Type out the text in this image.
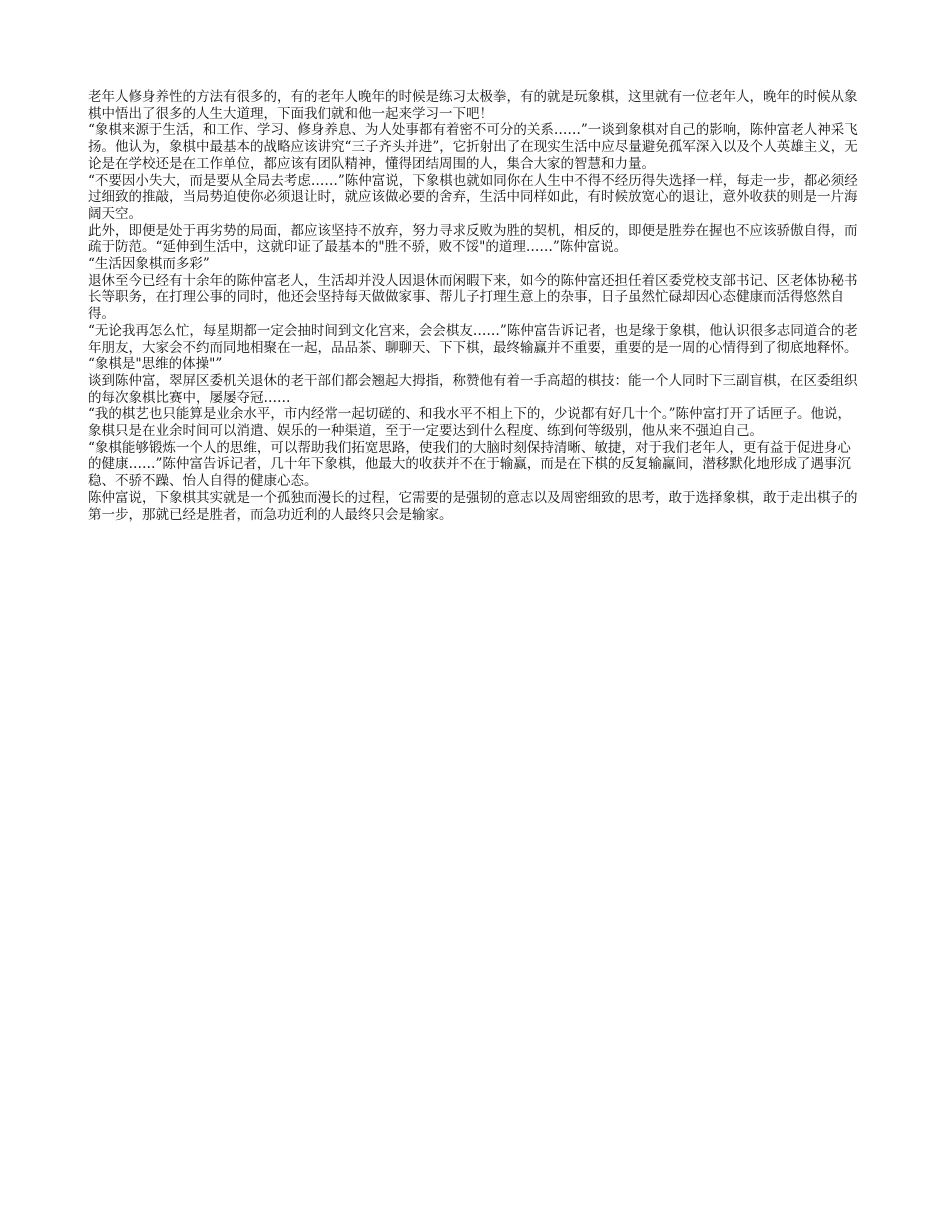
老年人修身养性的方法有很多的，有的老年人晚年的时候是练习太极拳，有的就是玩象棋，这里就有一位老年人，晚年的时候从象棋中悟出了很多的人生大道理，下面我们就和他一起来学习一下吧！

“象棋来源于生活，和工作、学习、修身养息、为人处事都有着密不可分的关系……”一谈到象棋对自己的影响，陈仲富老人神采飞扬。他认为，象棋中最基本的战略应该讲究“三子齐头并进”，它折射出了在现实生活中应尽量避免孤军深入以及个人英雄主义，无论是在学校还是在工作单位，都应该有团队精神，懂得团结周围的人，集合大家的智慧和力量。

“不要因小失大，而是要从全局去考虑……”陈仲富说，下象棋也就如同你在人生中不得不经历得失选择一样，每走一步，都必须经过细致的推敲，当局势迫使你必须退让时，就应该做必要的舍弃，生活中同样如此，有时候放宽心的退让，意外收获的则是一片海阔天空。

此外，即便是处于再劣势的局面，都应该坚持不放弃，努力寻求反败为胜的契机，相反的，即便是胜券在握也不应该骄傲自得，而疏于防范。“延伸到生活中，这就印证了最基本的"胜不骄，败不馁"的道理……”陈仲富说。

“生活因象棋而多彩”

退休至今已经有十余年的陈仲富老人，生活却并没人因退休而闲暇下来，如今的陈仲富还担任着区委党校支部书记、区老体协秘书长等职务，在打理公事的同时，他还会坚持每天做做家事、帮儿子打理生意上的杂事，日子虽然忙碌却因心态健康而活得悠然自得。

“无论我再怎么忙，每星期都一定会抽时间到文化宫来，会会棋友……”陈仲富告诉记者，也是缘于象棋，他认识很多志同道合的老年朋友，大家会不约而同地相聚在一起，品品茶、聊聊天、下下棋，最终输赢并不重要，重要的是一周的心情得到了彻底地释怀。

“象棋是"思维的体操"”

谈到陈仲富，翠屏区委机关退休的老干部们都会翘起大拇指，称赞他有着一手高超的棋技：能一个人同时下三副盲棋，在区委组织的每次象棋比赛中，屡屡夺冠……

“我的棋艺也只能算是业余水平，市内经常一起切磋的、和我水平不相上下的，少说都有好几十个。”陈仲富打开了话匣子。他说，象棋只是在业余时间可以消遣、娱乐的一种渠道，至于一定要达到什么程度、练到何等级别，他从来不强迫自己。

“象棋能够锻炼一个人的思维，可以帮助我们拓宽思路，使我们的大脑时刻保持清晰、敏捷，对于我们老年人，更有益于促进身心的健康……”陈仲富告诉记者，几十年下象棋，他最大的收获并不在于输赢，而是在下棋的反复输赢间，潜移默化地形成了遇事沉稳、不骄不躁、怡人自得的健康心态。

陈仲富说，下象棋其实就是一个孤独而漫长的过程，它需要的是强韧的意志以及周密细致的思考，敢于选择象棋，敢于走出棋子的第一步，那就已经是胜者，而急功近利的人最终只会是输家。
